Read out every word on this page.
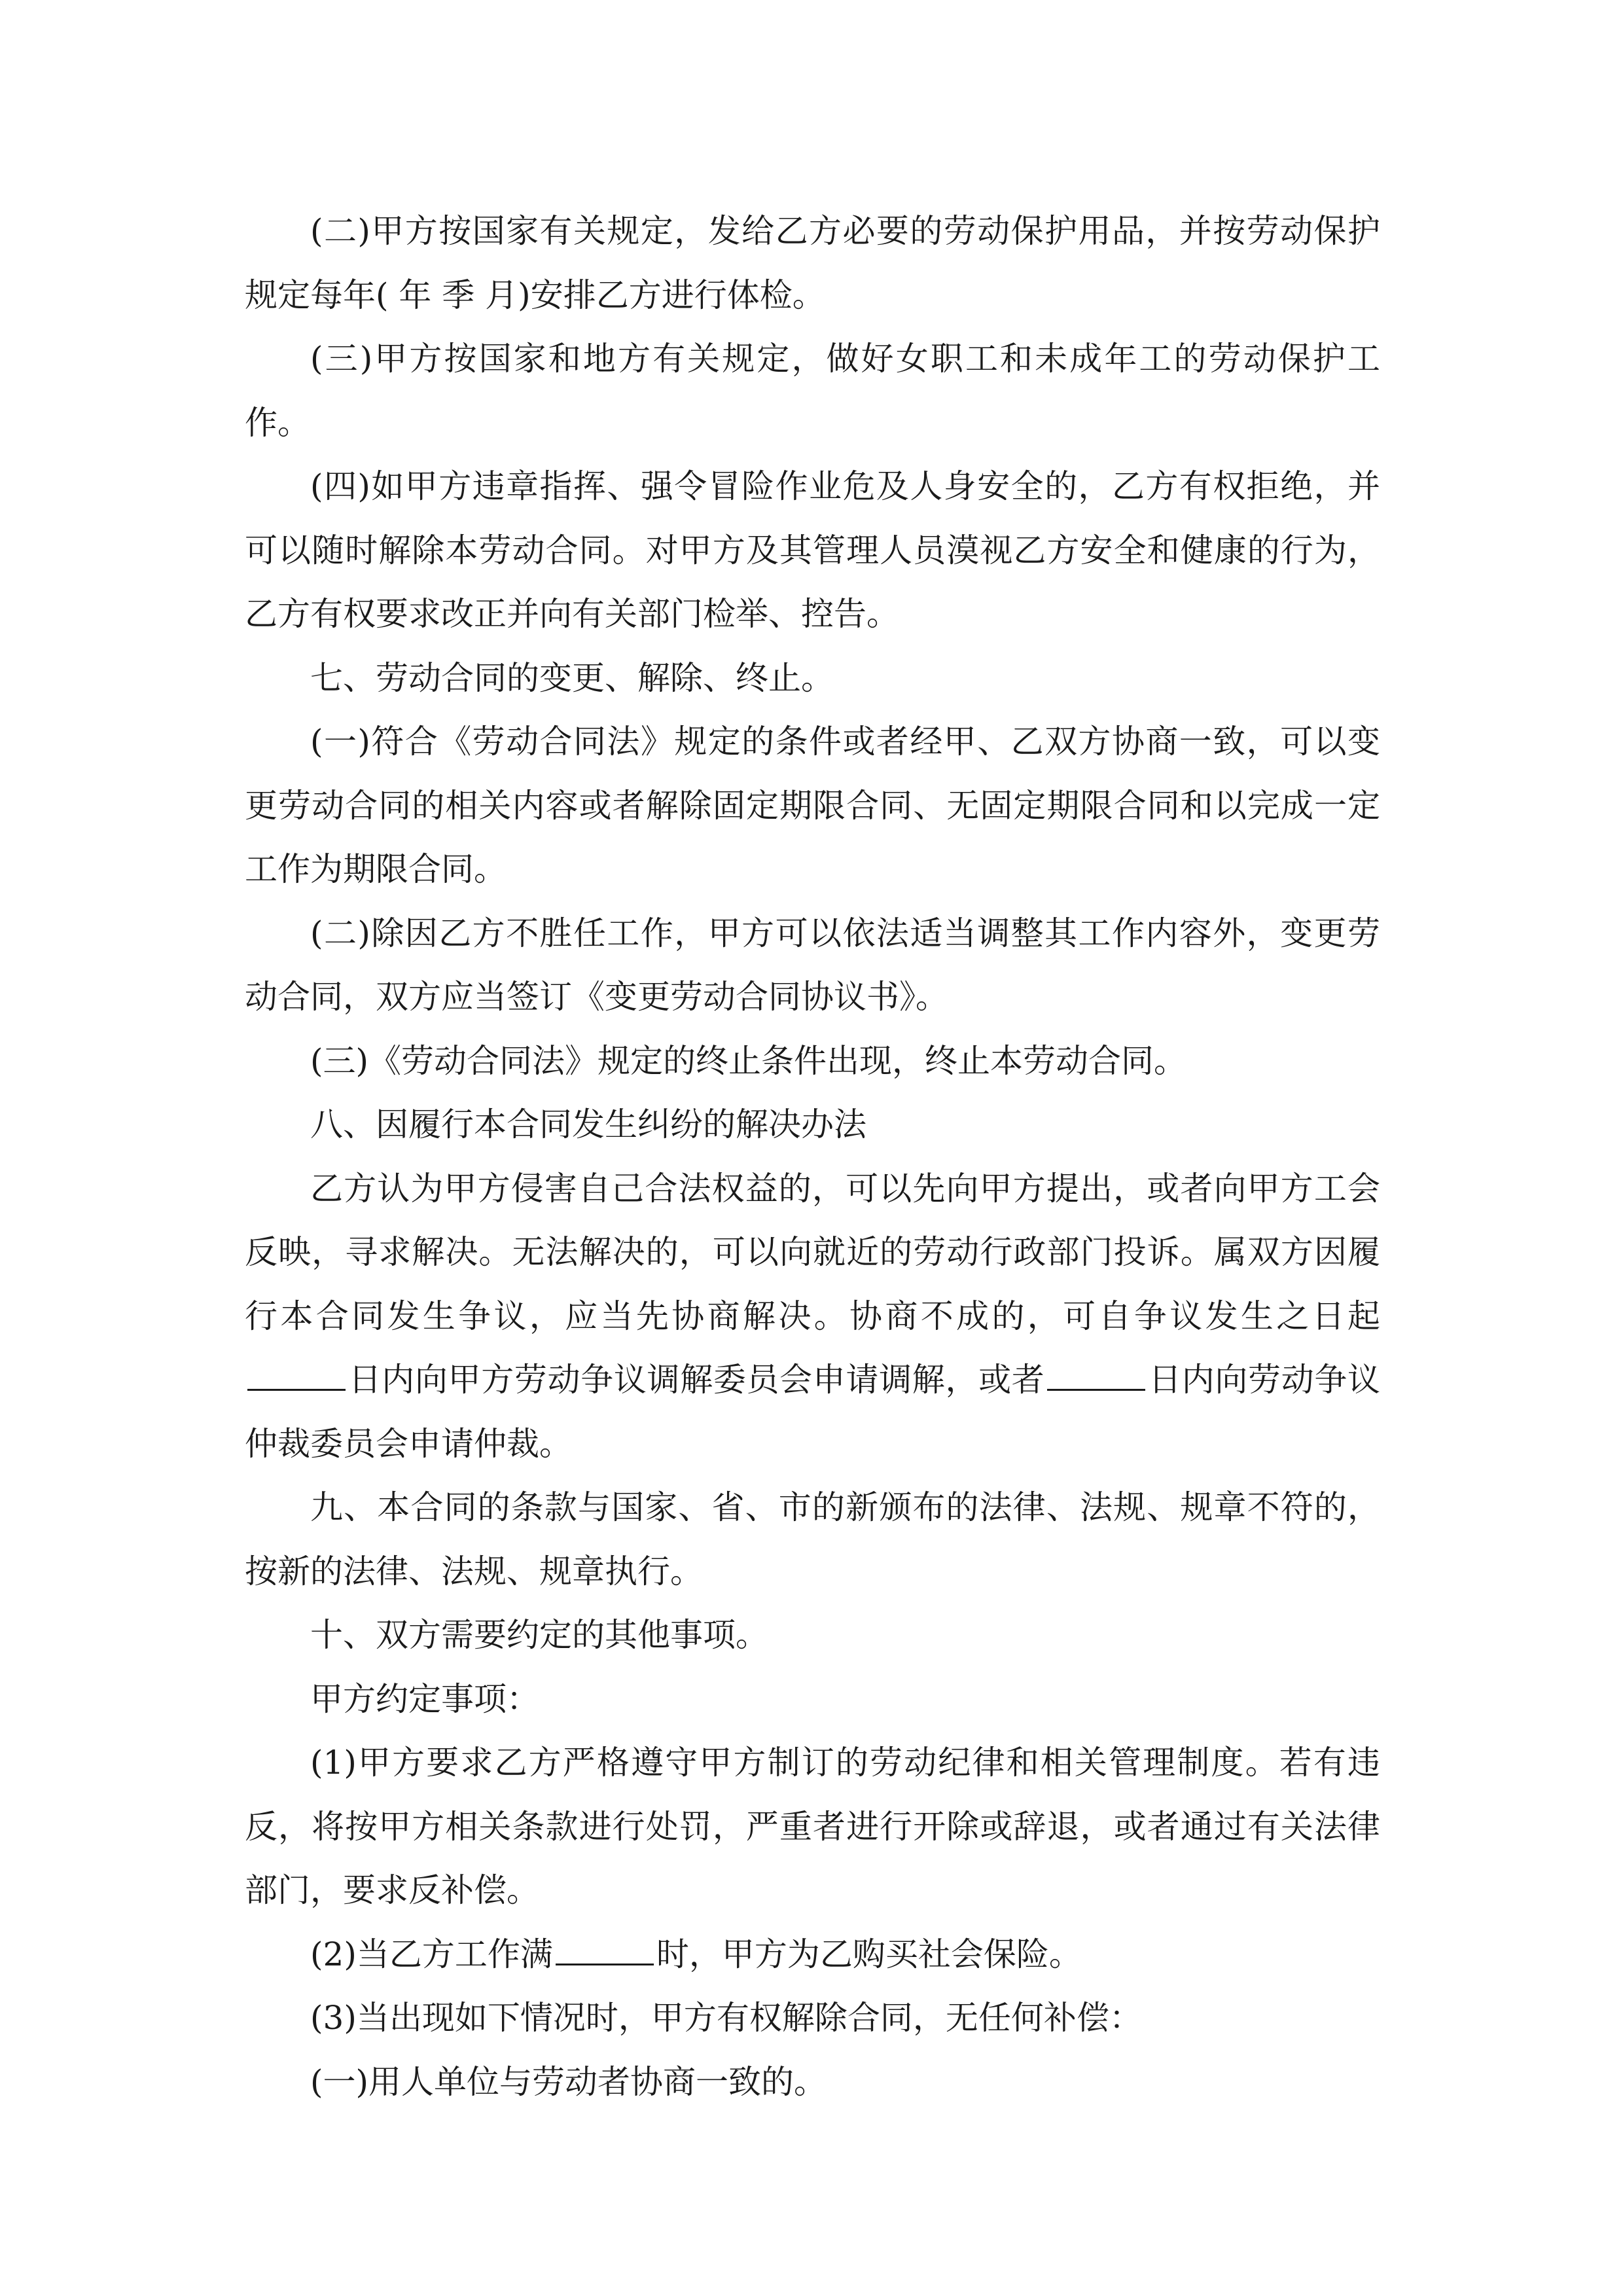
(二)甲方按国家有关规定，发给乙方必要的劳动保护用品，并按劳动保护规定每年( 年 季 月)安排乙方进行体检。

(三)甲方按国家和地方有关规定，做好女职工和未成年工的劳动保护工作。

(四)如甲方违章指挥、强令冒险作业危及人身安全的，乙方有权拒绝，并可以随时解除本劳动合同。对甲方及其管理人员漠视乙方安全和健康的行为，乙方有权要求改正并向有关部门检举、控告。

七、劳动合同的变更、解除、终止。

(一)符合《劳动合同法》规定的条件或者经甲、乙双方协商一致，可以变更劳动合同的相关内容或者解除固定期限合同、无固定期限合同和以完成一定工作为期限合同。

(二)除因乙方不胜任工作，甲方可以依法适当调整其工作内容外，变更劳动合同，双方应当签订《变更劳动合同协议书》。

(三)《劳动合同法》规定的终止条件出现，终止本劳动合同。

八、因履行本合同发生纠纷的解决办法

乙方认为甲方侵害自己合法权益的，可以先向甲方提出，或者向甲方工会反映，寻求解决。无法解决的，可以向就近的劳动行政部门投诉。属双方因履行本合同发生争议，应当先协商解决。协商不成的，可自争议发生之日起日内向甲方劳动争议调解委员会申请调解，或者	日内向劳动争议仲裁委员会申请仲裁。

九、本合同的条款与国家、省、市的新颁布的法律、法规、规章不符的，按新的法律、法规、规章执行。

十、双方需要约定的其他事项。

甲方约定事项：

(1)甲方要求乙方严格遵守甲方制订的劳动纪律和相关管理制度。若有违反，将按甲方相关条款进行处罚，严重者进行开除或辞退，或者通过有关法律部门，要求反补偿。

(2)当乙方工作满	时，甲方为乙购买社会保险。

(3)当出现如下情况时，甲方有权解除合同，无任何补偿：

(一)用人单位与劳动者协商一致的。
